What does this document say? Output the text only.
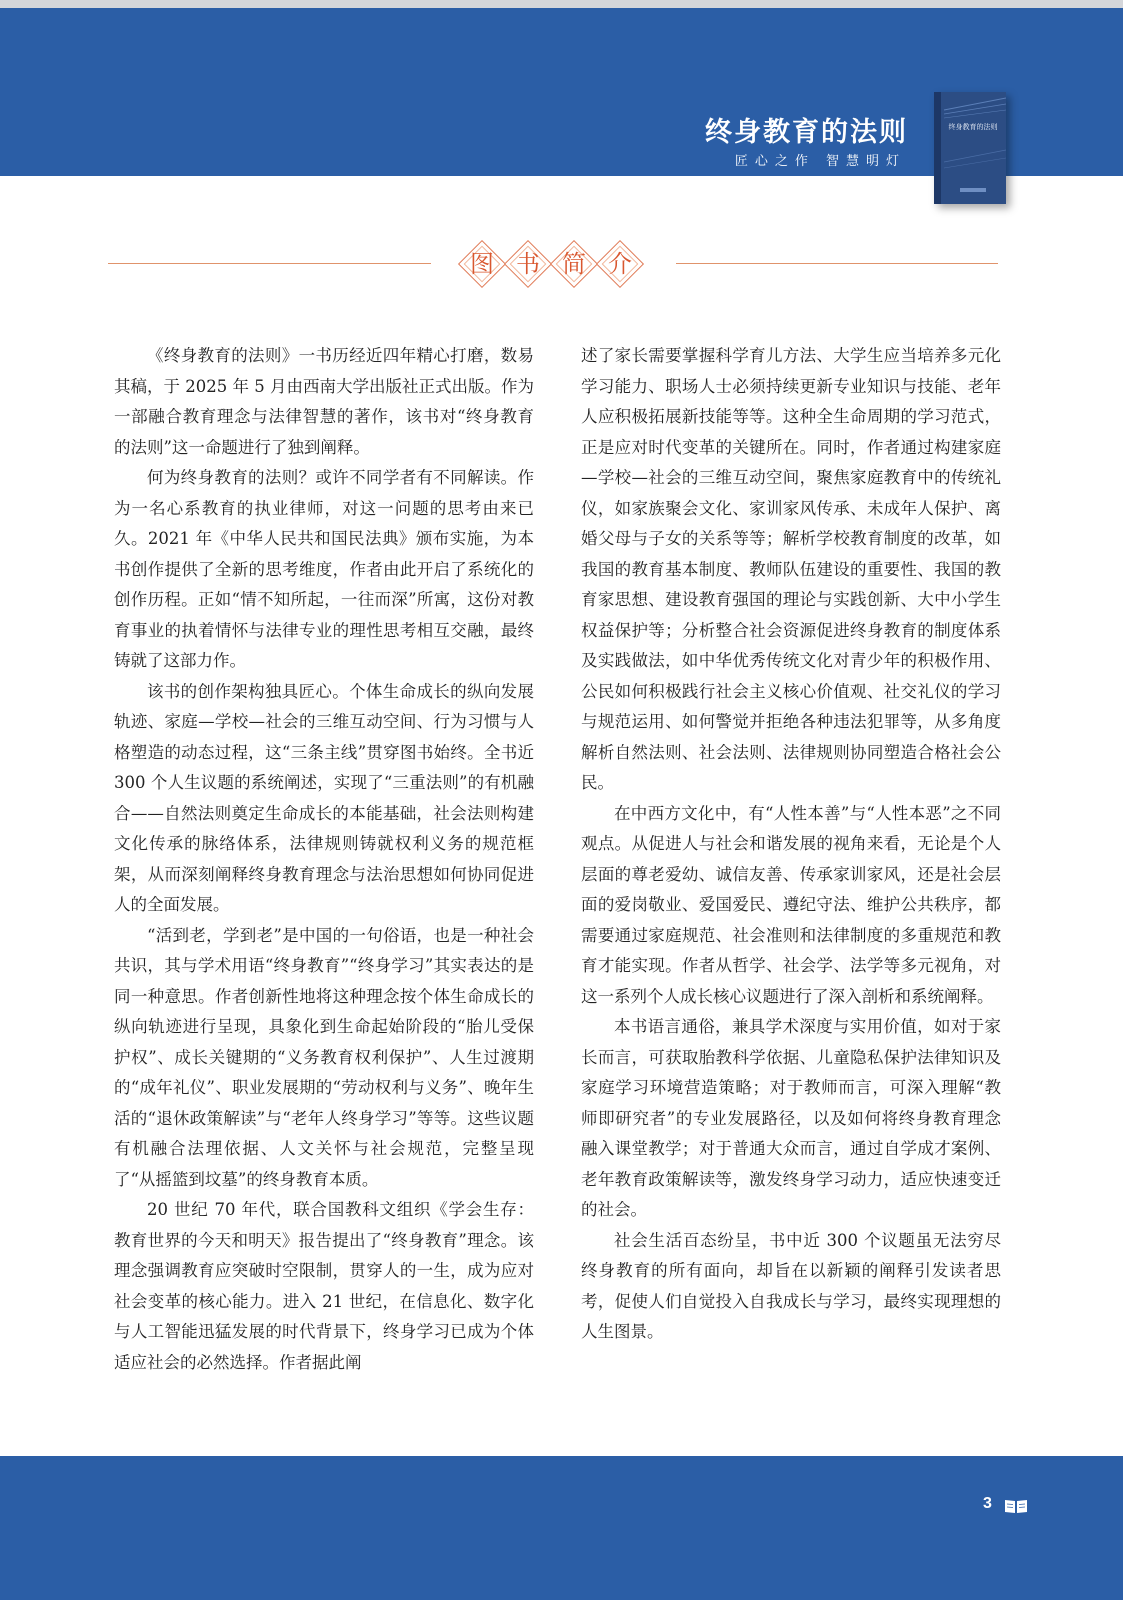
终身教育的法则
匠心之作 智慧明灯
终身教育的法则
图 书 简 介

《终身教育的法则》一书历经近四年精心打磨，数易其稿，于 2025 年 5 月由西南大学出版社正式出版。作为一部融合教育理念与法律智慧的著作，该书对“终身教育的法则”这一命题进行了独到阐释。

何为终身教育的法则？或许不同学者有不同解读。作为一名心系教育的执业律师，对这一问题的思考由来已久。2021 年《中华人民共和国民法典》颁布实施，为本书创作提供了全新的思考维度，作者由此开启了系统化的创作历程。正如“情不知所起，一往而深”所寓，这份对教育事业的执着情怀与法律专业的理性思考相互交融，最终铸就了这部力作。

该书的创作架构独具匠心。个体生命成长的纵向发展轨迹、家庭—学校—社会的三维互动空间、行为习惯与人格塑造的动态过程，这“三条主线”贯穿图书始终。全书近 300 个人生议题的系统阐述，实现了“三重法则”的有机融合——自然法则奠定生命成长的本能基础，社会法则构建文化传承的脉络体系，法律规则铸就权利义务的规范框架，从而深刻阐释终身教育理念与法治思想如何协同促进人的全面发展。

“活到老，学到老”是中国的一句俗语，也是一种社会共识，其与学术用语“终身教育”“终身学习”其实表达的是同一种意思。作者创新性地将这种理念按个体生命成长的纵向轨迹进行呈现，具象化到生命起始阶段的“胎儿受保护权”、成长关键期的“义务教育权利保护”、人生过渡期的“成年礼仪”、职业发展期的“劳动权利与义务”、晚年生活的“退休政策解读”与“老年人终身学习”等等。这些议题有机融合法理依据、人文关怀与社会规范，完整呈现了“从摇篮到坟墓”的终身教育本质。

20 世纪 70 年代，联合国教科文组织《学会生存：教育世界的今天和明天》报告提出了“终身教育”理念。该理念强调教育应突破时空限制，贯穿人的一生，成为应对社会变革的核心能力。进入 21 世纪，在信息化、数字化与人工智能迅猛发展的时代背景下，终身学习已成为个体适应社会的必然选择。作者据此阐

述了家长需要掌握科学育儿方法、大学生应当培养多元化学习能力、职场人士必须持续更新专业知识与技能、老年人应积极拓展新技能等等。这种全生命周期的学习范式，正是应对时代变革的关键所在。同时，作者通过构建家庭—学校—社会的三维互动空间，聚焦家庭教育中的传统礼仪，如家族聚会文化、家训家风传承、未成年人保护、离婚父母与子女的关系等等；解析学校教育制度的改革，如我国的教育基本制度、教师队伍建设的重要性、我国的教育家思想、建设教育强国的理论与实践创新、大中小学生权益保护等；分析整合社会资源促进终身教育的制度体系及实践做法，如中华优秀传统文化对青少年的积极作用、公民如何积极践行社会主义核心价值观、社交礼仪的学习与规范运用、如何警觉并拒绝各种违法犯罪等，从多角度解析自然法则、社会法则、法律规则协同塑造合格社会公民。

在中西方文化中，有“人性本善”与“人性本恶”之不同观点。从促进人与社会和谐发展的视角来看，无论是个人层面的尊老爱幼、诚信友善、传承家训家风，还是社会层面的爱岗敬业、爱国爱民、遵纪守法、维护公共秩序，都需要通过家庭规范、社会准则和法律制度的多重规范和教育才能实现。作者从哲学、社会学、法学等多元视角，对这一系列个人成长核心议题进行了深入剖析和系统阐释。

本书语言通俗，兼具学术深度与实用价值，如对于家长而言，可获取胎教科学依据、儿童隐私保护法律知识及家庭学习环境营造策略；对于教师而言，可深入理解“教师即研究者”的专业发展路径，以及如何将终身教育理念融入课堂教学；对于普通大众而言，通过自学成才案例、老年教育政策解读等，激发终身学习动力，适应快速变迁的社会。

社会生活百态纷呈，书中近 300 个议题虽无法穷尽终身教育的所有面向，却旨在以新颖的阐释引发读者思考，促使人们自觉投入自我成长与学习，最终实现理想的人生图景。

3
